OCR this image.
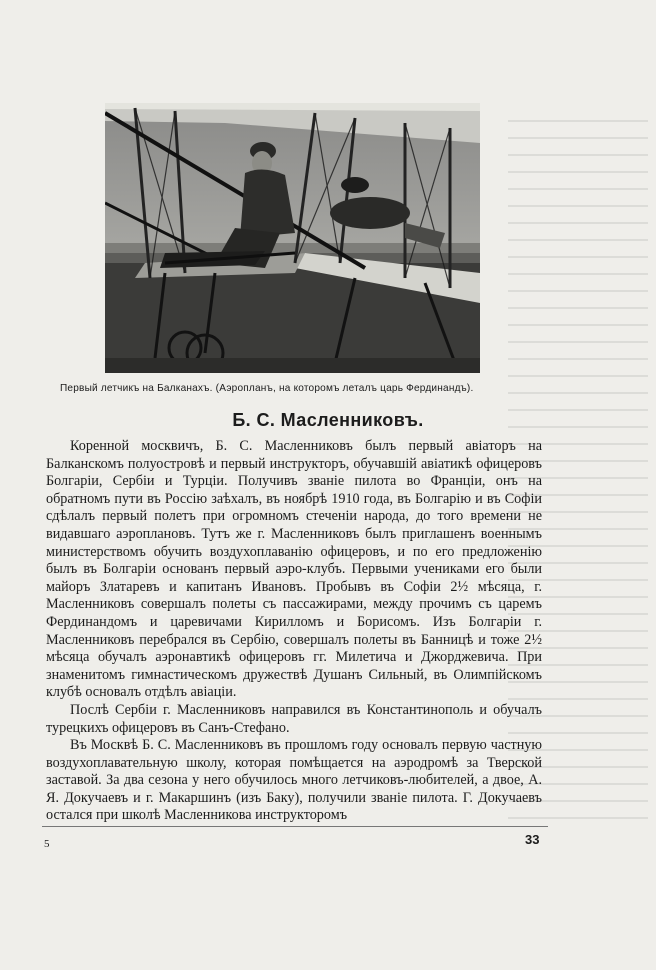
Первый летчикъ на Балканахъ. (Аэропланъ, на которомъ леталъ царь Фердинандъ).
Б. С. Масленниковъ.

Коренной москвичъ, Б. С. Масленниковъ былъ первый авіаторъ на Балканскомъ полуостровѣ и первый инструкторъ, обучавшій авіатикѣ офицеровъ Болгаріи, Сербіи и Турціи. Получивъ званіе пилота во Франціи, онъ на обратномъ пути въ Россію заѣхалъ, въ ноябрѣ 1910 года, въ Болгарію и въ Софіи сдѣлалъ первый полетъ при огромномъ стеченіи народа, до того времени не видавшаго аэроплановъ. Тутъ же г. Масленниковъ былъ приглашенъ военнымъ министерствомъ обучить воздухоплаванію офицеровъ, и по его предложенію былъ въ Болгаріи основанъ первый аэро-клубъ. Первыми учениками его были майоръ Златаревъ и капитанъ Ивановъ. Пробывъ въ Софіи 2½ мѣсяца, г. Масленниковъ совершалъ полеты съ пассажирами, между прочимъ съ царемъ Фердинандомъ и царевичами Кирилломъ и Борисомъ. Изъ Болгаріи г. Масленниковъ перебрался въ Сербію, совершалъ полеты въ Банницѣ и тоже 2½ мѣсяца обучалъ аэронавтикѣ офицеровъ гг. Милетича и Джорджевича. При знаменитомъ гимнастическомъ дружествѣ Душанъ Сильный, въ Олимпійскомъ клубѣ основалъ отдѣлъ авіаціи.

Послѣ Сербіи г. Масленниковъ направился въ Константинополь и обучалъ турецкихъ офицеровъ въ Санъ-Стефано.

Въ Москвѣ Б. С. Масленниковъ въ прошломъ году основалъ первую частную воздухоплавательную школу, которая помѣщается на аэродромѣ за Тверской заставой. За два сезона у него обучилось много летчиковъ-любителей, а двое, А. Я. Докучаевъ и г. Макаршинъ (изъ Баку), получили званіе пилота. Г. Докучаевъ остался при школѣ Масленникова инструкторомъ

5	33
